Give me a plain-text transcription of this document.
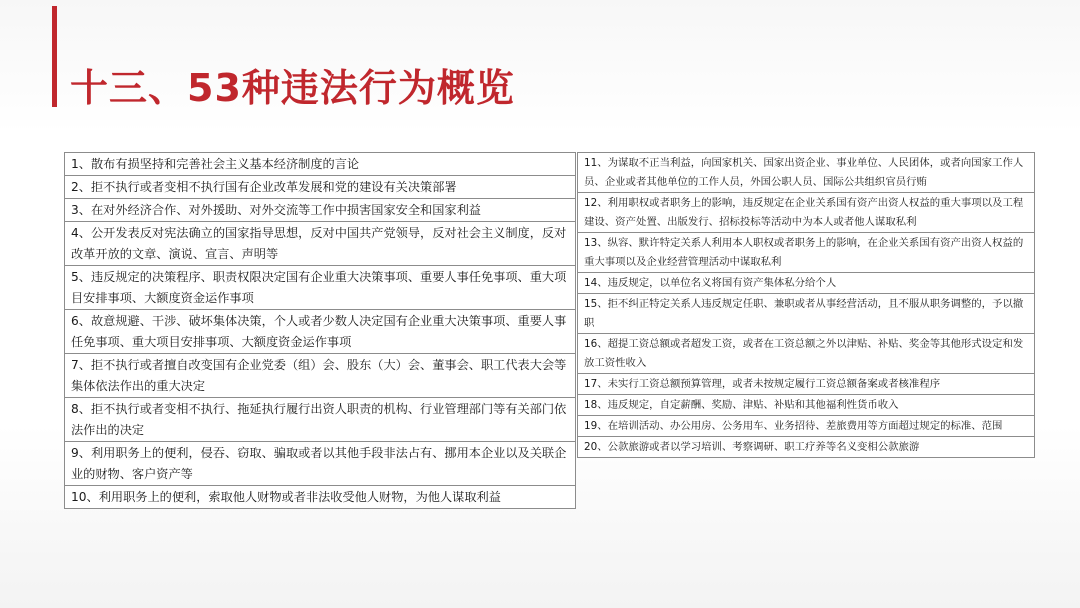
十三、53种违法行为概览
1、散布有损坚持和完善社会主义基本经济制度的言论
2、拒不执行或者变相不执行国有企业改革发展和党的建设有关决策部署
3、在对外经济合作、对外援助、对外交流等工作中损害国家安全和国家利益
4、公开发表反对宪法确立的国家指导思想，反对中国共产党领导，反对社会主义制度，反对改革开放的文章、演说、宣言、声明等
5、违反规定的决策程序、职责权限决定国有企业重大决策事项、重要人事任免事项、重大项目安排事项、大额度资金运作事项
6、故意规避、干涉、破坏集体决策，个人或者少数人决定国有企业重大决策事项、重要人事任免事项、重大项目安排事项、大额度资金运作事项
7、拒不执行或者擅自改变国有企业党委（组）会、股东（大）会、董事会、职工代表大会等集体依法作出的重大决定
8、拒不执行或者变相不执行、拖延执行履行出资人职责的机构、行业管理部门等有关部门依法作出的决定
9、利用职务上的便利，侵吞、窃取、骗取或者以其他手段非法占有、挪用本企业以及关联企业的财物、客户资产等
10、利用职务上的便利，索取他人财物或者非法收受他人财物，为他人谋取利益
11、为谋取不正当利益，向国家机关、国家出资企业、事业单位、人民团体，或者向国家工作人员、企业或者其他单位的工作人员，外国公职人员、国际公共组织官员行贿
12、利用职权或者职务上的影响，违反规定在企业关系国有资产出资人权益的重大事项以及工程建设、资产处置、出版发行、招标投标等活动中为本人或者他人谋取私利
13、纵容、默许特定关系人利用本人职权或者职务上的影响，在企业关系国有资产出资人权益的重大事项以及企业经营管理活动中谋取私利
14、违反规定，以单位名义将国有资产集体私分给个人
15、拒不纠正特定关系人违反规定任职、兼职或者从事经营活动，且不服从职务调整的，予以撤职
16、超提工资总额或者超发工资，或者在工资总额之外以津贴、补贴、奖金等其他形式设定和发放工资性收入
17、未实行工资总额预算管理，或者未按规定履行工资总额备案或者核准程序
18、违反规定，自定薪酬、奖励、津贴、补贴和其他福利性货币收入
19、在培训活动、办公用房、公务用车、业务招待、差旅费用等方面超过规定的标准、范围
20、公款旅游或者以学习培训、考察调研、职工疗养等名义变相公款旅游
